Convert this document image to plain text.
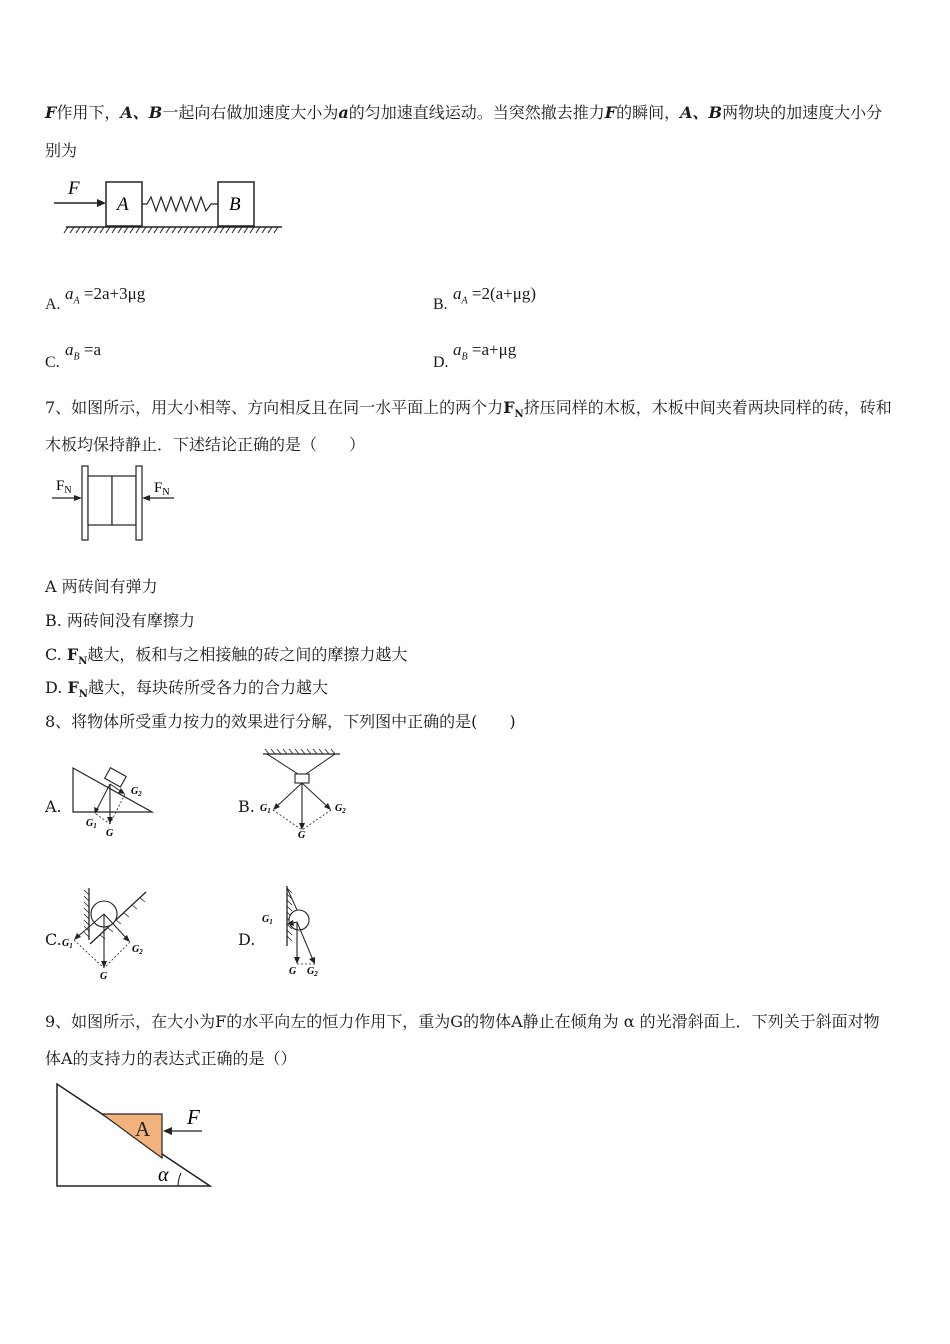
F作用下，A、B一起向右做加速度大小为a的匀加速直线运动。当突然撤去推力F的瞬间，A、B两物块的加速度大小分
别为
F
A	B
A.
$a_A =2a+3\mu g$
B.
$a_A =2(a+\mu g)$
C.
$a_B =a$
D.
$a_B =a+\mu g$
7、如图所示，用大小相等、方向相反且在同一水平面上的两个力$F_N$挤压同样的木板，木板中间夹着两块同样的砖，砖和
木板均保持静止．下述结论正确的是（　　）
$F_N$	$F_N$
A 两砖间有弹力
B. 两砖间没有摩擦力
C. $F_N$越大，板和与之相接触的砖之间的摩擦力越大
D. $F_N$越大，每块砖所受各力的合力越大
8、将物体所受重力按力的效果进行分解，下列图中正确的是(　　)
A.
$G_2$
$G_1$
G
B. $G_1$	$G_2$
G
C. $G_1$	$G_2$
G
D.
$G_1$
G $G_2$
9、如图所示，在大小为F的水平向左的恒力作用下，重为G的物体A静止在倾角为 α 的光滑斜面上．下列关于斜面对物
体A的支持力的表达式正确的是（）
A F
α
